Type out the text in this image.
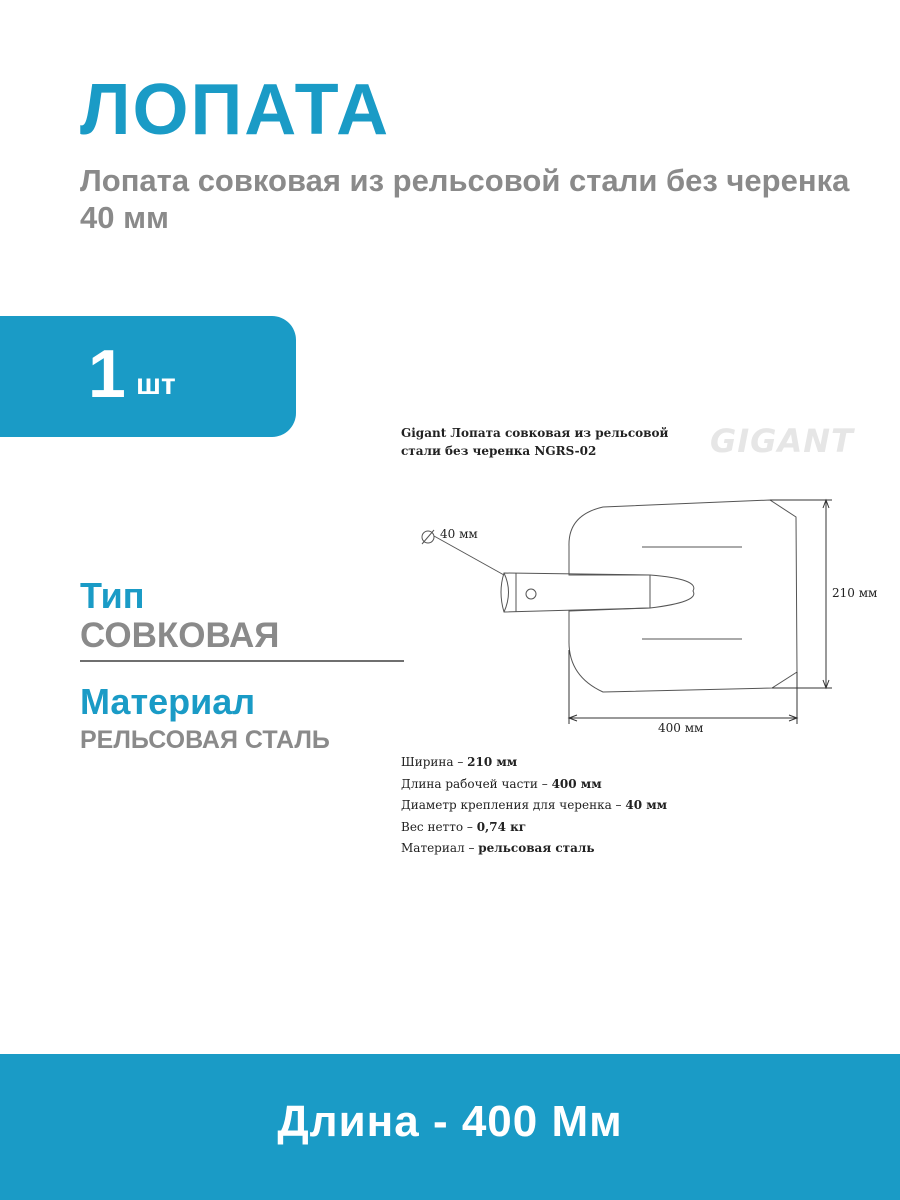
ЛОПАТА

Лопата совковая из рельсовой стали без черенка 40 мм

1 шт
Тип
СОВКОВАЯ
Материал
РЕЛЬСОВАЯ СТАЛЬ
Gigant Лопата совковая из рельсовой
стали без черенка NGRS-02	GIGANT
40 мм
210 мм
400 мм
Ширина – 210 мм
Длина рабочей части – 400 мм
Диаметр крепления для черенка – 40 мм
Вес нетто – 0,74 кг
Материал – рельсовая сталь
Длина - 400 Мм
